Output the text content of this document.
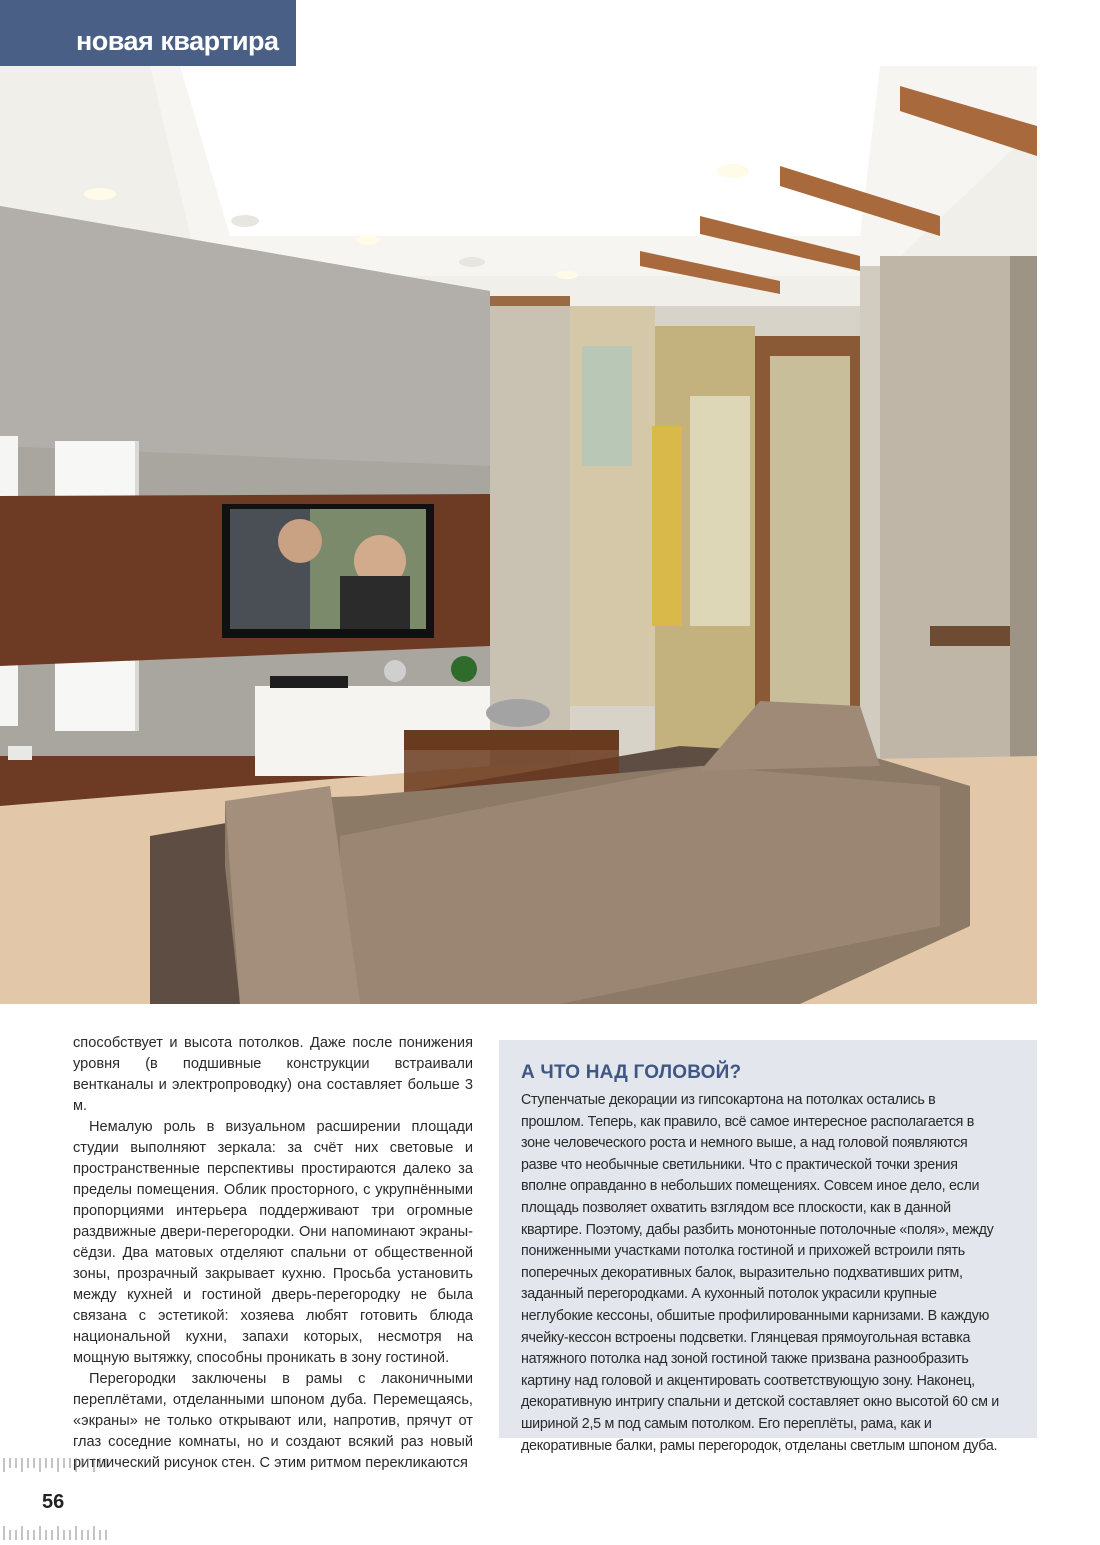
новая квартира

способствует и высота потолков. Даже после понижения уровня (в подшивные конструкции встраивали вентканалы и электропроводку) она составляет больше 3 м.

Немалую роль в визуальном расширении площади студии выполняют зеркала: за счёт них световые и пространственные перспективы простираются далеко за пределы помещения. Облик просторного, с укрупнёнными пропорциями интерьера поддерживают три огромные раздвижные двери-перегородки. Они напоминают экраны-сёдзи. Два матовых отделяют спальни от общественной зоны, прозрачный закрывает кухню. Просьба установить между кухней и гостиной дверь-перегородку не была связана с эстетикой: хозяева любят готовить блюда национальной кухни, запахи которых, несмотря на мощную вытяжку, способны проникать в зону гостиной.

Перегородки заключены в рамы с лаконичными переплётами, отделанными шпоном дуба. Перемещаясь, «экраны» не только открывают или, напротив, прячут от глаз соседние комнаты, но и создают всякий раз новый ритмический рисунок стен. С этим ритмом перекликаются

А ЧТО НАД ГОЛОВОЙ?
Ступенчатые декорации из гипсокартона на потолках остались в прошлом. Теперь, как правило, всё самое интересное располагается в зоне человеческого роста и немного выше, а над головой появляются разве что необычные светильники. Что с практической точки зрения вполне оправданно в небольших помещениях. Совсем иное дело, если площадь позволяет охватить взглядом все плоскости, как в данной квартире. Поэтому, дабы разбить монотонные потолочные «поля», между пониженными участками потолка гостиной и прихожей встроили пять поперечных декоративных балок, выразительно подхвативших ритм, заданный перегородками. А кухонный потолок украсили крупные неглубокие кессоны, обшитые профилированными карнизами. В каждую ячейку-кессон встроены подсветки. Глянцевая прямоугольная вставка натяжного потолка над зоной гостиной также призвана разнообразить картину над головой и акцентировать соответствующую зону. Наконец, декоративную интригу спальни и детской составляет окно высотой 60 см и шириной 2,5 м под самым потолком. Его переплёты, рама, как и декоративные балки, рамы перегородок, отделаны светлым шпоном дуба.
56
